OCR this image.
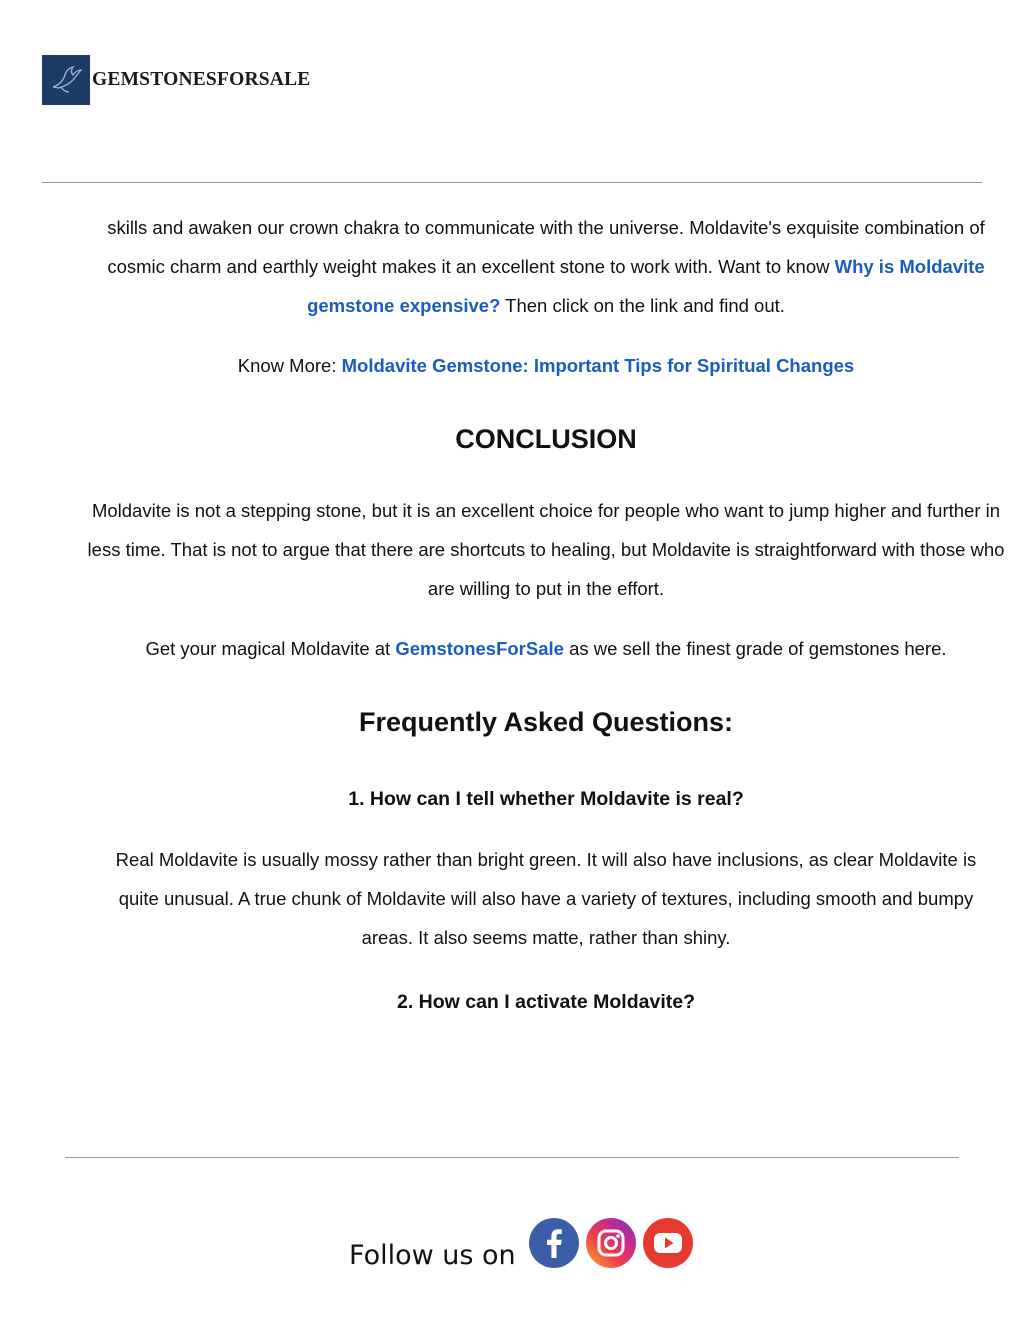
GEMSTONESFORSALE

skills and awaken our crown chakra to communicate with the universe. Moldavite's exquisite combination of cosmic charm and earthly weight makes it an excellent stone to work with. Want to know Why is Moldavite gemstone expensive? Then click on the link and find out.

Know More: Moldavite Gemstone: Important Tips for Spiritual Changes

CONCLUSION

Moldavite is not a stepping stone, but it is an excellent choice for people who want to jump higher and further in less time. That is not to argue that there are shortcuts to healing, but Moldavite is straightforward with those who are willing to put in the effort.

Get your magical Moldavite at GemstonesForSale as we sell the finest grade of gemstones here.

Frequently Asked Questions:
1. How can I tell whether Moldavite is real?

Real Moldavite is usually mossy rather than bright green. It will also have inclusions, as clear Moldavite is quite unusual. A true chunk of Moldavite will also have a variety of textures, including smooth and bumpy areas. It also seems matte, rather than shiny.

2. How can I activate Moldavite?
Follow us on
